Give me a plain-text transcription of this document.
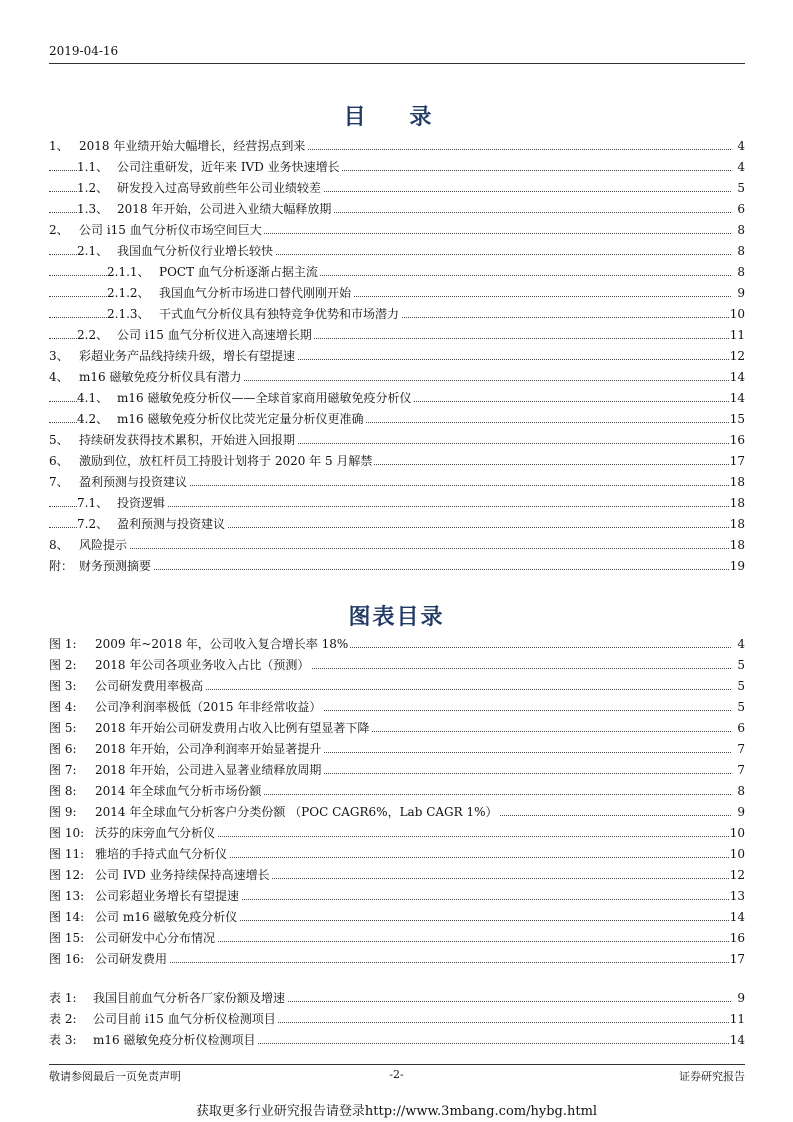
2019-04-16
目 录
1、 2018 年业绩开始大幅增长，经营拐点到来	4
1.1、 公司注重研发，近年来 IVD 业务快速增长	4
1.2、 研发投入过高导致前些年公司业绩较差	5
1.3、 2018 年开始，公司进入业绩大幅释放期	6
2、 公司 i15 血气分析仪市场空间巨大	8
2.1、 我国血气分析仪行业增长较快	8
2.1.1、 POCT 血气分析逐渐占据主流	8
2.1.2、 我国血气分析市场进口替代刚刚开始	9
2.1.3、 干式血气分析仪具有独特竞争优势和市场潜力	10
2.2、 公司 i15 血气分析仪进入高速增长期	11
3、 彩超业务产品线持续升级，增长有望提速	12
4、 m16 磁敏免疫分析仪具有潜力	14
4.1、 m16 磁敏免疫分析仪——全球首家商用磁敏免疫分析仪	14
4.2、 m16 磁敏免疫分析仪比荧光定量分析仪更准确	15
5、 持续研发获得技术累积，开始进入回报期	16
6、 激励到位，放杠杆员工持股计划将于 2020 年 5 月解禁	17
7、 盈利预测与投资建议	18
7.1、 投资逻辑	18
7.2、 盈利预测与投资建议	18
8、 风险提示	18
附： 财务预测摘要	19
图表目录
图 1: 2009 年~2018 年，公司收入复合增长率 18%	4
图 2: 2018 年公司各项业务收入占比（预测）	5
图 3: 公司研发费用率极高	5
图 4: 公司净利润率极低（2015 年非经常收益）	5
图 5: 2018 年开始公司研发费用占收入比例有望显著下降	6
图 6: 2018 年开始，公司净利润率开始显著提升	7
图 7: 2018 年开始，公司进入显著业绩释放周期	7
图 8: 2014 年全球血气分析市场份额	8
图 9: 2014 年全球血气分析客户分类份额 （POC CAGR6%，Lab CAGR 1%）	9
图 10: 沃芬的床旁血气分析仪	10
图 11: 雅培的手持式血气分析仪	10
图 12: 公司 IVD 业务持续保持高速增长	12
图 13: 公司彩超业务增长有望提速	13
图 14: 公司 m16 磁敏免疫分析仪	14
图 15: 公司研发中心分布情况	16
图 16: 公司研发费用	17
表 1: 我国目前血气分析各厂家份额及增速	9
表 2: 公司目前 i15 血气分析仪检测项目	11
表 3: m16 磁敏免疫分析仪检测项目	14
敬请参阅最后一页免责声明	-2-	证券研究报告
获取更多行业研究报告请登录http://www.3mbang.com/hybg.html
